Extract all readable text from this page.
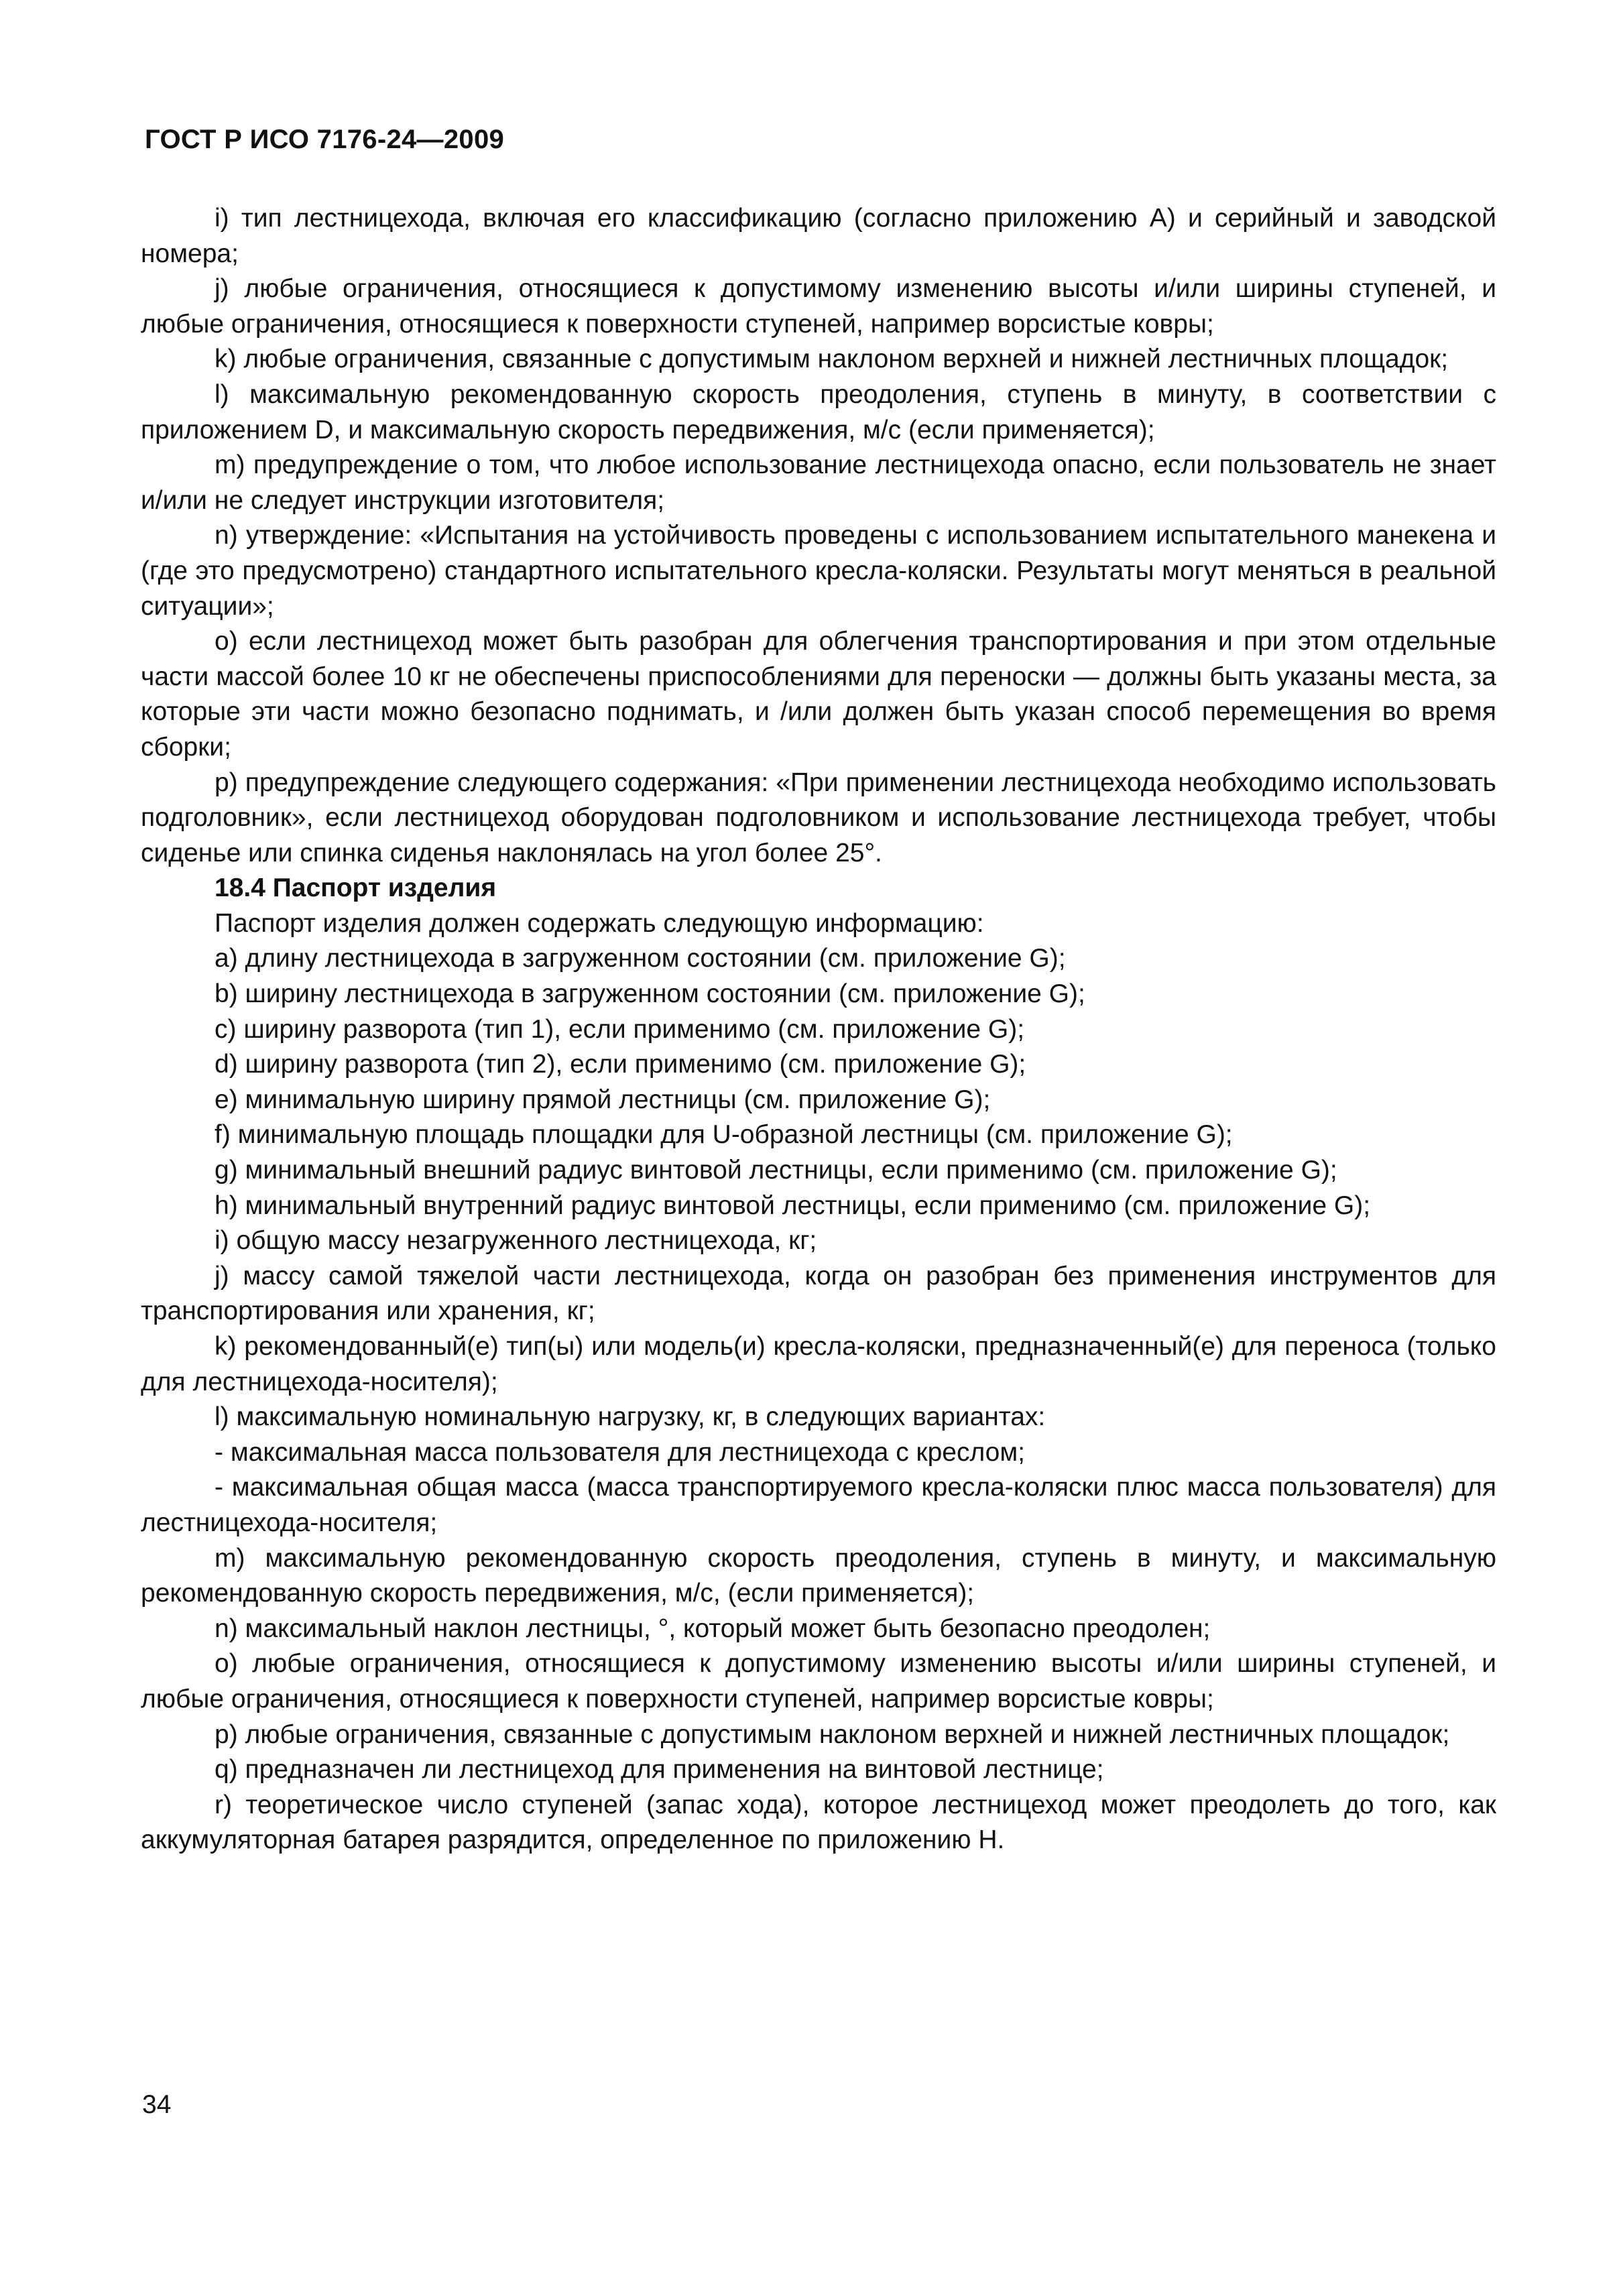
ГОСТ Р ИСО 7176-24—2009

i) тип лестницехода, включая его классификацию (согласно приложению А) и серийный и заводской номера;

j) любые ограничения, относящиеся к допустимому изменению высоты и/или ширины ступеней, и любые ограничения, относящиеся к поверхности ступеней, например ворсистые ковры;

k) любые ограничения, связанные с допустимым наклоном верхней и нижней лестничных площадок;

l) максимальную рекомендованную скорость преодоления, ступень в минуту, в соответствии с приложением D, и максимальную скорость передвижения, м/с (если применяется);

m) предупреждение о том, что любое использование лестницехода опасно, если пользователь не знает и/или не следует инструкции изготовителя;

n) утверждение: «Испытания на устойчивость проведены с использованием испытательного манекена и (где это предусмотрено) стандартного испытательного кресла-коляски. Результаты могут меняться в реальной ситуации»;

o) если лестницеход может быть разобран для облегчения транспортирования и при этом отдельные части массой более 10 кг не обеспечены приспособлениями для переноски — должны быть указаны места, за которые эти части можно безопасно поднимать, и /или должен быть указан способ перемещения во время сборки;

p) предупреждение следующего содержания: «При применении лестницехода необходимо использовать подголовник», если лестницеход оборудован подголовником и использование лестницехода требует, чтобы сиденье или спинка сиденья наклонялась на угол более 25°.

18.4 Паспорт изделия

Паспорт изделия должен содержать следующую информацию:

a) длину лестницехода в загруженном состоянии (см. приложение G);

b) ширину лестницехода в загруженном состоянии (см. приложение G);

c) ширину разворота (тип 1), если применимо (см. приложение G);

d) ширину разворота (тип 2), если применимо (см. приложение G);

e) минимальную ширину прямой лестницы (см. приложение G);

f) минимальную площадь площадки для U-образной лестницы (см. приложение G);

g) минимальный внешний радиус винтовой лестницы, если применимо (см. приложение G);

h) минимальный внутренний радиус винтовой лестницы, если применимо (см. приложение G);

i) общую массу незагруженного лестницехода, кг;

j) массу самой тяжелой части лестницехода, когда он разобран без применения инструментов для транспортирования или хранения, кг;

k) рекомендованный(е) тип(ы) или модель(и) кресла-коляски, предназначенный(е) для переноса (только для лестницехода-носителя);

l) максимальную номинальную нагрузку, кг, в следующих вариантах:

- максимальная масса пользователя для лестницехода с креслом;

- максимальная общая масса (масса транспортируемого кресла-коляски плюс масса пользователя) для лестницехода-носителя;

m) максимальную рекомендованную скорость преодоления, ступень в минуту, и максимальную рекомендованную скорость передвижения, м/с, (если применяется);

n) максимальный наклон лестницы, °, который может быть безопасно преодолен;

o) любые ограничения, относящиеся к допустимому изменению высоты и/или ширины ступеней, и любые ограничения, относящиеся к поверхности ступеней, например ворсистые ковры;

p) любые ограничения, связанные с допустимым наклоном верхней и нижней лестничных площадок;

q) предназначен ли лестницеход для применения на винтовой лестнице;

r) теоретическое число ступеней (запас хода), которое лестницеход может преодолеть до того, как аккумуляторная батарея разрядится, определенное по приложению H.

34
